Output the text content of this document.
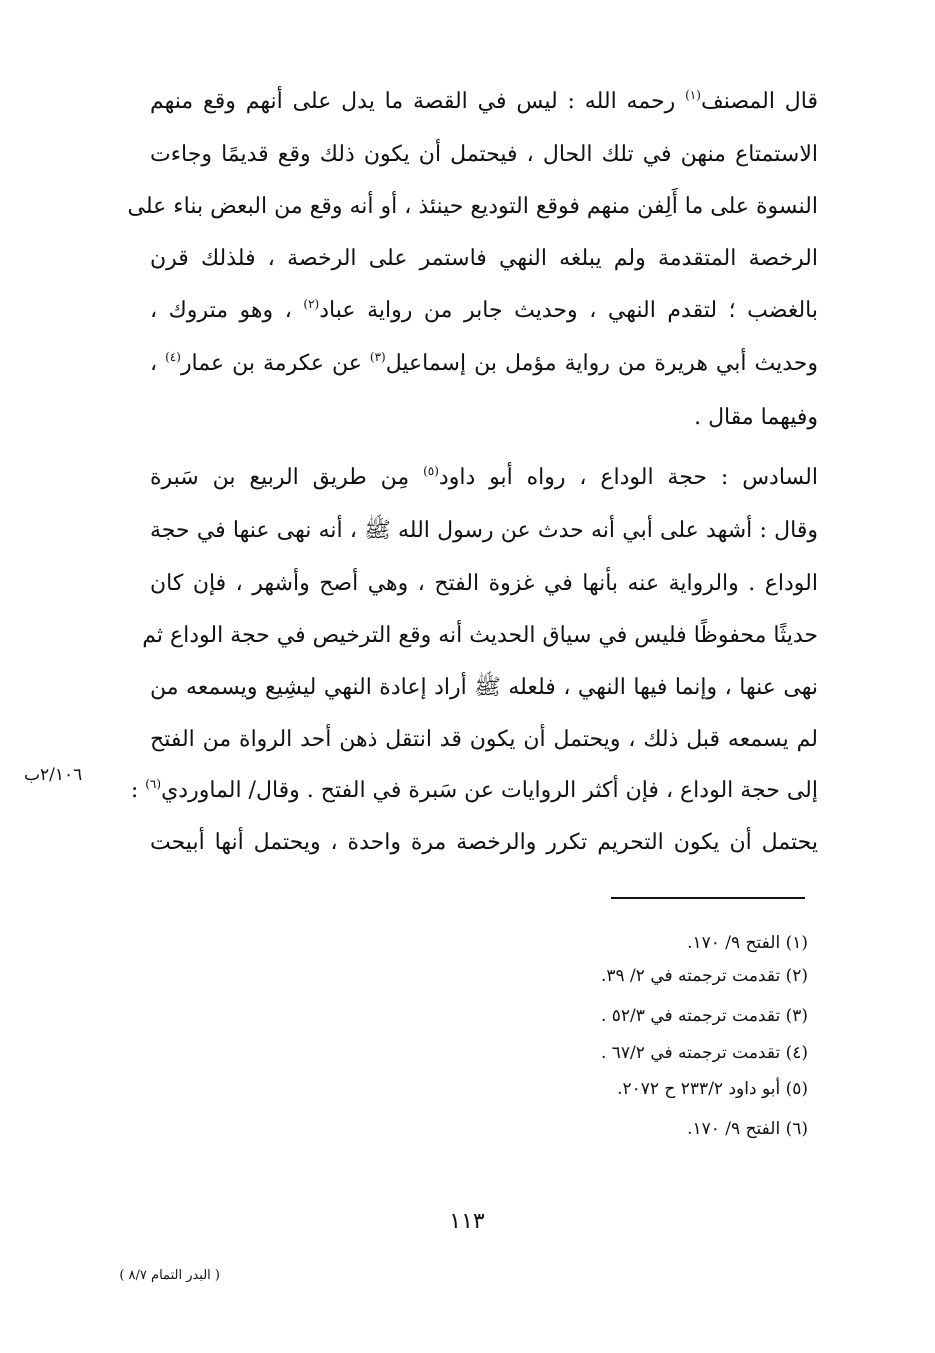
قال المصنف$^{(١)}$ رحمه الله : ليس في القصة ما يدل على أنهم وقع منهم
الاستمتاع منهن في تلك الحال ، فيحتمل أن يكون ذلك وقع قديمًا وجاءت
النسوة على ما أَلِفن منهم فوقع التوديع حينئذ ، أو أنه وقع من البعض بناء على
الرخصة المتقدمة ولم يبلغه النهي فاستمر على الرخصة ، فلذلك قرن
بالغضب ؛ لتقدم النهي ، وحديث جابر من رواية عباد$^{(٢)}$ ، وهو متروك ،
وحديث أبي هريرة من رواية مؤمل بن إسماعيل$^{(٣)}$ عن عكرمة بن عمار$^{(٤)}$ ،
وفيهما مقال .
السادس : حجة الوداع ، رواه أبو داود$^{(٥)}$ مِن طريق الربيع بن سَبرة
وقال : أشهد على أبي أنه حدث عن رسول الله ﷺ ، أنه نهى عنها في حجة
الوداع . والرواية عنه بأنها في غزوة الفتح ، وهي أصح وأشهر ، فإن كان
حديثًا محفوظًا فليس في سياق الحديث أنه وقع الترخيص في حجة الوداع ثم
نهى عنها ، وإنما فيها النهي ، فلعله ﷺ أراد إعادة النهي ليشِيع ويسمعه من
لم يسمعه قبل ذلك ، ويحتمل أن يكون قد انتقل ذهن أحد الرواة من الفتح
إلى حجة الوداع ، فإن أكثر الروايات عن سَبرة في الفتح . وقال/ الماوردي$^{(٦)}$ :
يحتمل أن يكون التحريم تكرر والرخصة مرة واحدة ، ويحتمل أنها أبيحت
٢/١٠٦ب
(١) الفتح ٩/ ١٧٠.
(٢) تقدمت ترجمته في ٢/ ٣٩.
(٣) تقدمت ترجمته في ٥٢/٣ .
(٤) تقدمت ترجمته في ٦٧/٢ .
(٥) أبو داود ٢٣٣/٢ ح ٢٠٧٢.
(٦) الفتح ٩/ ١٧٠.
١١٣
( البدر التمام ٨/٧ )
